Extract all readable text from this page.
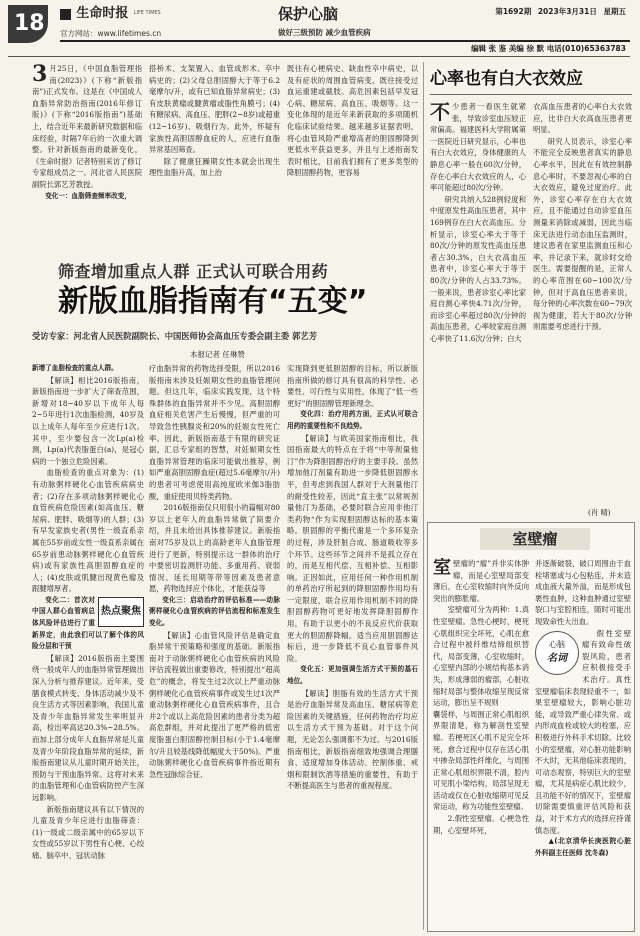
18	生命时报 LIFE TIMES
官方网站：www.lifetimes.cn
保护心脑
做好三级预防 减少血管疾病
第1692期 2023年3月31日 星期五
编辑 张 鉴 美编 徐 默 电话(010)65363783

3 月25日，《中国血脂管理指南(2023)》(下称“新版指南”)正式发布。这是在《中国成人血脂异常防治指南(2016年修订版)》(下称“2016版指南”)基础上，结合近年来最新研究数据和临床经验，时隔7年后的一次重大调整。针对新版指南的最新变化，《生命时报》记者特别采访了修订专家组成员之一、河北省人民医院副院长郭艺芳教授。

变化一：血脂筛查频率改变，

搭桥术、支架置入、血管成形术、卒中病史的；(2)父母总胆固醇大于等于6.2毫摩尔/升，或有已知血脂异常病史；(3)有皮肤黄瘤或腱黄瘤或脂性角膜弓；(4)有糖尿病、高血压、肥胖(2~8岁)或超重(12~16岁)、吸烟行为。此外，怀疑有家族性高胆固醇血症的人，应进行血脂异常基因筛查。

除了健康狂躁期女性本就会出现生理性血脂升高，加上治

既往有心梗病史、缺血性卒中病史，以及有症状的周围血管病变，既往接受过血运重建或截肢。高危因素包括早发冠心病、糖尿病、高血压、吸烟等。这一变化体现的是近年来新获取的多项随机化临床试验结果。越来越多证据表明，将心血管风险严重增高者的胆固醇降到更低水平获益更多，并且与上述指南发表时相比，目前我们拥有了更多类型的降胆固醇药物，更容易

筛查增加重点人群 正式认可联合用药
新版血脂指南有“五变”
受访专家：河北省人民医院副院长、中国医师协会高血压专委会副主委 郭艺芳
本报记者 任琳赞

新增了血脂检查的重点人群。

【解读】相比2016版指南，新版指南进一步扩大了筛查范围，新增对18~40岁以下成年人每2~5年进行1次血脂检测，40岁及以上成年人每年至少应进行1次。其中，至少要包含一次Lp(a)检测，Lp(a)代表脂蛋白(a)，是冠心病的一个独立危险因素。

血脂检查的重点对象为：(1)有动脉粥样硬化心血管疾病病史者；(2)存在多项动脉粥样硬化心血管疾病危险因素(如高血压、糖尿病、肥胖、吸烟等)的人群；(3)有早发家族史者(男性一级直系亲属在55岁前或女性一级直系亲属在65岁前患动脉粥样硬化心血管疾病)或有家族性高胆固醇血症的人；(4)皮肤或肌腱出现黄色瘤及跟腱增厚者。

热点聚焦

变化二：首次对中国人群心血管病总体风险评估进行了重新界定，由此我们可以了解个体的风险分层和干预

【解读】2016版指南主要围绕一般成年人的血脂异常管理做出深入分析与推荐建议。近年来，受膳食模式转变、身体活动减少及不良生活方式等因素影响，我国儿童及青少年血脂异常发生率明显升高，检出率高达20.3%~28.5%。而加上部分成年人血脂异常是儿童及青少年阶段血脂异常的延续，新版指南建议从儿童时期开始关注，预防与干预血脂异常。这将对未来的血脂管理和心血管病防控产生深远影响。

新版指南建议具有以下情况的儿童及青少年应进行血脂筛查：(1)一级或二级亲属中的65岁以下女性或55岁以下男性有心梗、心绞痛、脑卒中、冠状动脉

疗血脂异常的药物选择受限，所以2016版指南未涉及妊娠期女性的血脂管理问题。但这几年，临床实践发现，这个特殊群体的血脂异常并不少见。高胆固醇血症相关危害产生后慢慢，但严重的可导致急性胰腺炎和20%的妊娠女性死亡率。因此，新版指南基于有限的研究证据，汇总专家组的智慧，对妊娠期女性血脂异常管理的临床可能做出推荐，例如严重高胆固醇血症(超过5.6毫摩尔/升)的患者可考虑使用高纯度欧米伽3脂肪酸，重症使用贝特类药物。

2016版指南仅只用很小的篇幅对80岁以上老年人的血脂异常做了简要介绍，并且未给出具体推荐建议。新版指南对75岁及以上的高龄老年人血脂管理进行了更新，特别提示这一群体的治疗中要密切监测肝功能、多重用药、衰弱情况、延长用期等带等因素及患者意愿，药物选择应个体化，才能获益等

变化三：启动治疗的评估标准——动脉粥样硬化心血管疾病的评估流程和标准发生变化。

【解读】心血管风险评估是确定血脂异常干预策略和强度的基础。新版指南对于动脉粥样硬化心血管疾病的风险评估流程做出重要修改，特别提出“超高危”的概念，将发生过2次以上严重动脉粥样硬化心血管疾病事件或发生过1次严重动脉粥样硬化心血管疾病事件，且合并2个或以上高危险因素的患者分类为超高危群组，并对此提出了更严格的低密度脂蛋白胆固醇控制目标(小于1.4毫摩尔/升且较基线降低幅度大于50%)。严重动脉粥样硬化心血管疾病事件指近期有急性冠脉综合征、

实现降到更低胆固醇的目标，所以新版指南所做的修订具有很高的科学性、必要性、可行性与实用性，体现了“低一些更好”的胆固醇管理新理念。

变化四：治疗用药方面，正式认可联合用药的重要性和不良趋势。

【解读】与欧美国家指南相比，我国指南最大的特点在于将“中等剂量他汀”作为降胆固醇治疗的主要手段。虽然增加他汀剂量有助进一步降低胆固醇水平，但考虑到我国人群对于大剂量他汀的耐受性较差，因此“直主张”以常规剂量他汀为基础，必要时联合应用非他汀类药物“作为实现胆固醇达标的基本策略。胆固醇的平衡代谢是一个多环复杂的过程，涉及肝脏合成、肠道吸收等多个环节。这些环节之间并不是孤立存在的，而是互相代偿、互相补偿、互相影响。正因如此，应用任何一种作用机制的单药治疗所起到的降胆固醇作用均有一定限度，联合应用作用机制不同的降胆固醇药物可更好地发挥降胆固醇作用，有助于以更小的不良反应代价获取更大的胆固醇降幅。适当应用胆固醇达标后，进一步降低不良心血管事件风险。

变化五：更加强调生活方式干预的基石地位。

【解读】胆脂有效的生活方式干预是治疗血脂异常及高血压、糖尿病等危险因素的关键措施，任何药物治疗均应以生活方式干预为基础。对于这个问题，无论怎么强调都不为过。与2016版指南相比，新版指南细致地强调合理膳食、适度增加身体活动、控制体重、戒烟和限制饮酒等措施的重要性，有助于不断提高医生与患者的重视程度。

心率也有白大衣效应

不少患者一看医生就紧张，导致诊室血压较正常偏高。福建医科大学附属第一医院近日研究显示，心率也有白大衣效应，身体健康的人静息心率一般在60次/分钟，存在心率白大衣效应的人，心率可能超过80次/分钟。

研究共纳入528例轻度和中度原发性高血压患者，其中169例存在白大衣高血压。分析显示，诊室心率大于等于80次/分钟的原发性高血压患者占30.3%，白大衣高血压患者中，诊室心率大于等于80次/分钟的人占33.73%。一般来说，患者诊室心率比家庭自测心率快4.71次/分钟，而诊室心率超过80次/分钟的高血压患者，心率较家庭自测心率快了11.6次/分钟；白大

衣高血压患者的心率白大衣效应，比非白大衣高血压患者更明显。

研究人员表示，诊室心率不能完全反映患者真实的静息心率水平，因此在有效控制静息心率时，不要忽视心率的白大衣效应，避免过度治疗。此外，诊室心率存在白大衣效应，且不能通过自动诊室血压测量来消除或减弱，因此当临床无法进行动态血压监测时，建议患者在家里监测血压和心率，并记录下来，就诊时交给医生。需要提醒的是，正常人的心率范围在60~100次/分钟，但对于高血压患者来说，每分钟的心率次数在60~79次视为健康，若大于80次/分钟则需要考虑进行干预。

(肖 晴)
室壁瘤

室壁瘤的“瘤”并非实体肿瘤，而是心室壁局部变薄后，在心室收缩时向外反向突出的膨胀瘤。

室壁瘤可分为两种：1.真性室壁瘤。急性心梗时，梗死心肌组织完全坏死，心肌在愈合过程中被纤维结缔组织替代，局部变薄，心室收缩时，心室壁内部的小规结构基本消失，形成薄弱的瘤部，心脏收缩时局部与整体收缩呈现反常运动，膨出呈不规则

囊袋样，与周围正常心肌组织界限清楚，称为解剖性室壁瘤。若梗死区心肌不足完全坏死，愈合过程中仅存在活心肌中掺杂局部性纤维化，与周围正常心肌组织界限不清，腔内可见肌小梁结构，局部呈现无活动或仅在心脏收缩期可见反常运动，称为功能性室壁瘤。

2.假性室壁瘤。心梗急性期，心室壁坏死，

并逐渐破裂，破口周围由于血栓堵塞或与心包粘连，并未造成血液大量外溢，而是形成包裹性血肿，这种血肿通过室壁裂口与室腔相连，随时可能出现致命性大出血。

心脑
名词

假性室壁瘤有致命性破裂风险，患者应积极接受手术治疗。真性室壁瘤临床表现轻重不一，如果室壁瘤较大，影响心脏功能，或导致严重心律失常、或内形成血栓或较大的栓塞，应积极进行外科手术切除。比较小的室壁瘤，对心脏功能影响不大时，无其他临床表现的，可动态观察，特别巨大的室壁瘤，尤其是病症心肌比较少，且功能不好的情况下，室壁瘤切除需要慎重评估风险和获益，对于术方式的选择应持谨慎态度。

▲(北京清华长庚医院心脏外科副主任医师 沈冬森)
